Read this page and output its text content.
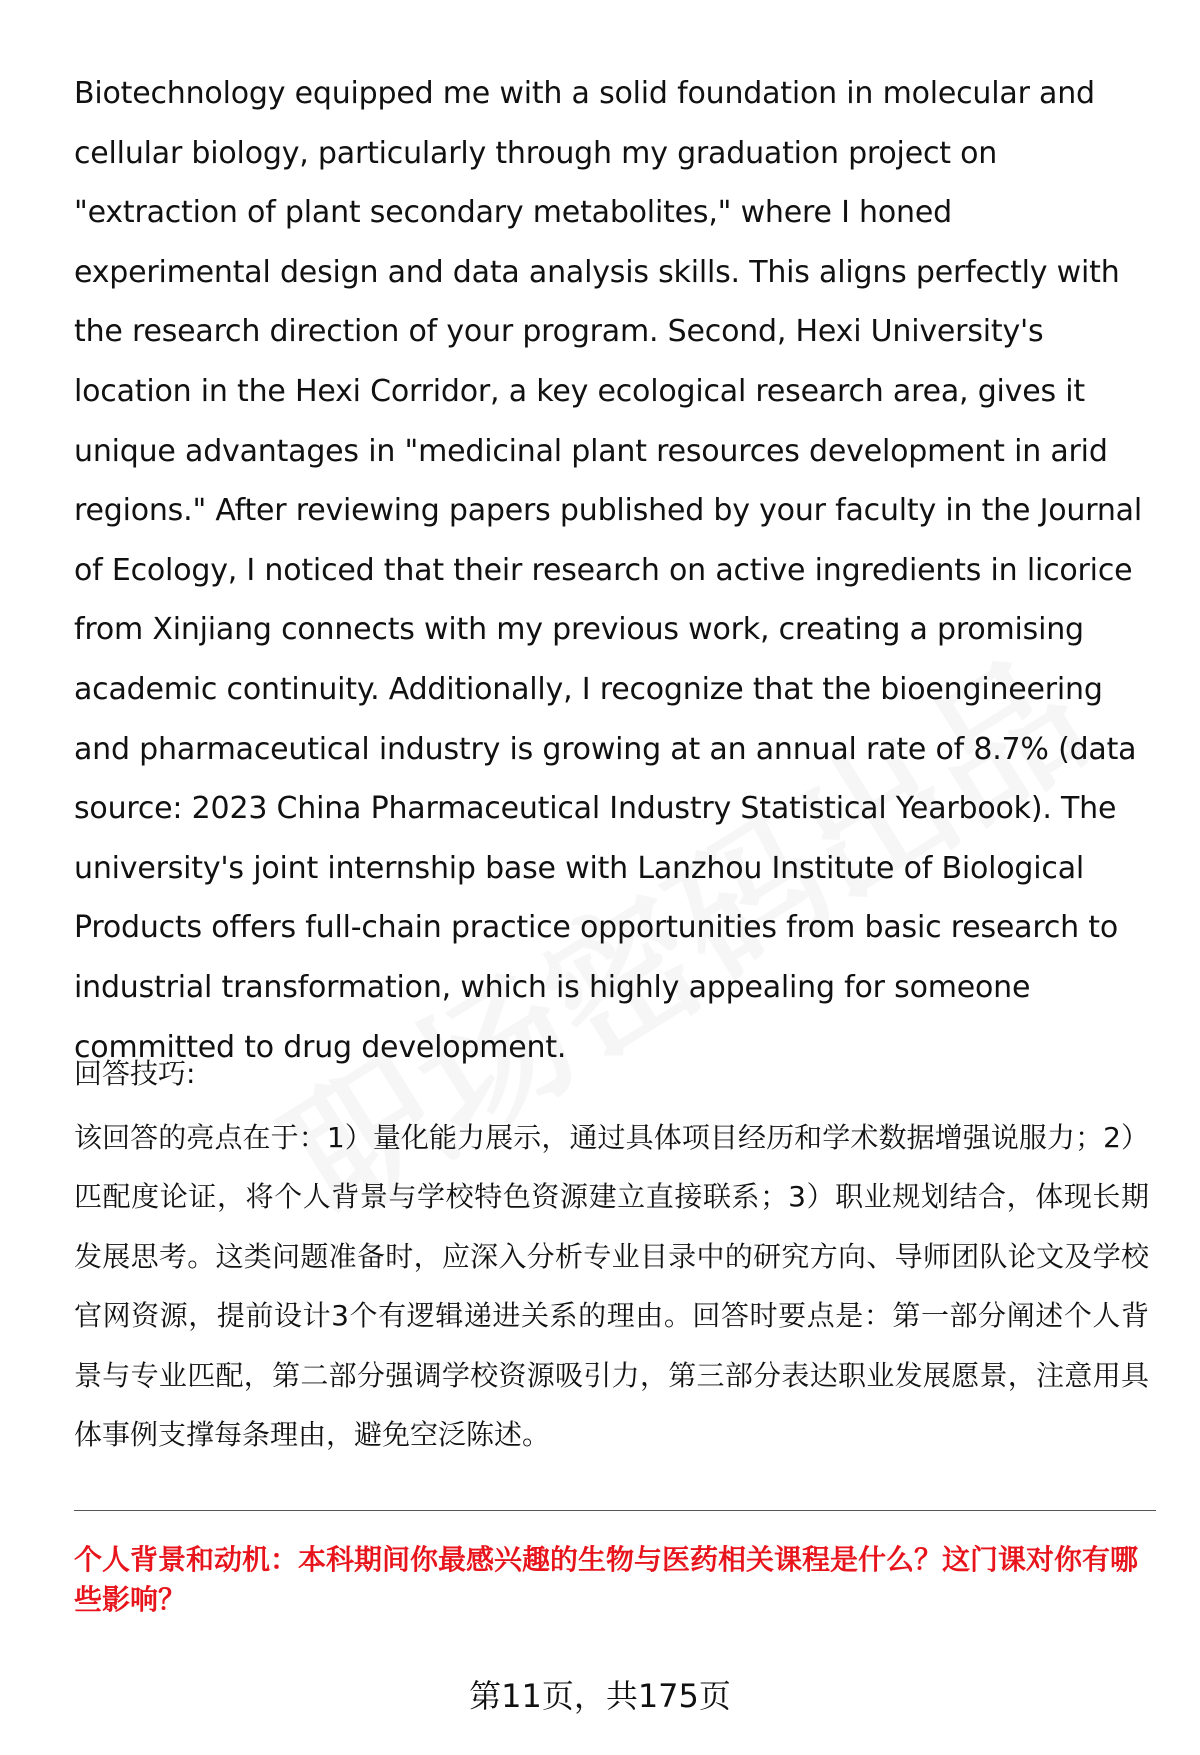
Biotechnology equipped me with a solid foundation in molecular and cellular biology, particularly through my graduation project on "extraction of plant secondary metabolites," where I honed experimental design and data analysis skills. This aligns perfectly with the research direction of your program. Second, Hexi University's location in the Hexi Corridor, a key ecological research area, gives it unique advantages in "medicinal plant resources development in arid regions." After reviewing papers published by your faculty in the Journal of Ecology, I noticed that their research on active ingredients in licorice from Xinjiang connects with my previous work, creating a promising academic continuity. Additionally, I recognize that the bioengineering and pharmaceutical industry is growing at an annual rate of 8.7% (data source: 2023 China Pharmaceutical Industry Statistical Yearbook). The university's joint internship base with Lanzhou Institute of Biological Products offers full-chain practice opportunities from basic research to industrial transformation, which is highly appealing for someone committed to drug development.

回答技巧:

该回答的亮点在于：1）量化能力展示，通过具体项目经历和学术数据增强说服力；2）匹配度论证，将个人背景与学校特色资源建立直接联系；3）职业规划结合，体现长期发展思考。这类问题准备时，应深入分析专业目录中的研究方向、导师团队论文及学校官网资源，提前设计3个有逻辑递进关系的理由。回答时要点是：第一部分阐述个人背景与专业匹配，第二部分强调学校资源吸引力，第三部分表达职业发展愿景，注意用具体事例支撑每条理由，避免空泛陈述。

个人背景和动机：本科期间你最感兴趣的生物与医药相关课程是什么？这门课对你有哪些影响？

第11页，共175页
